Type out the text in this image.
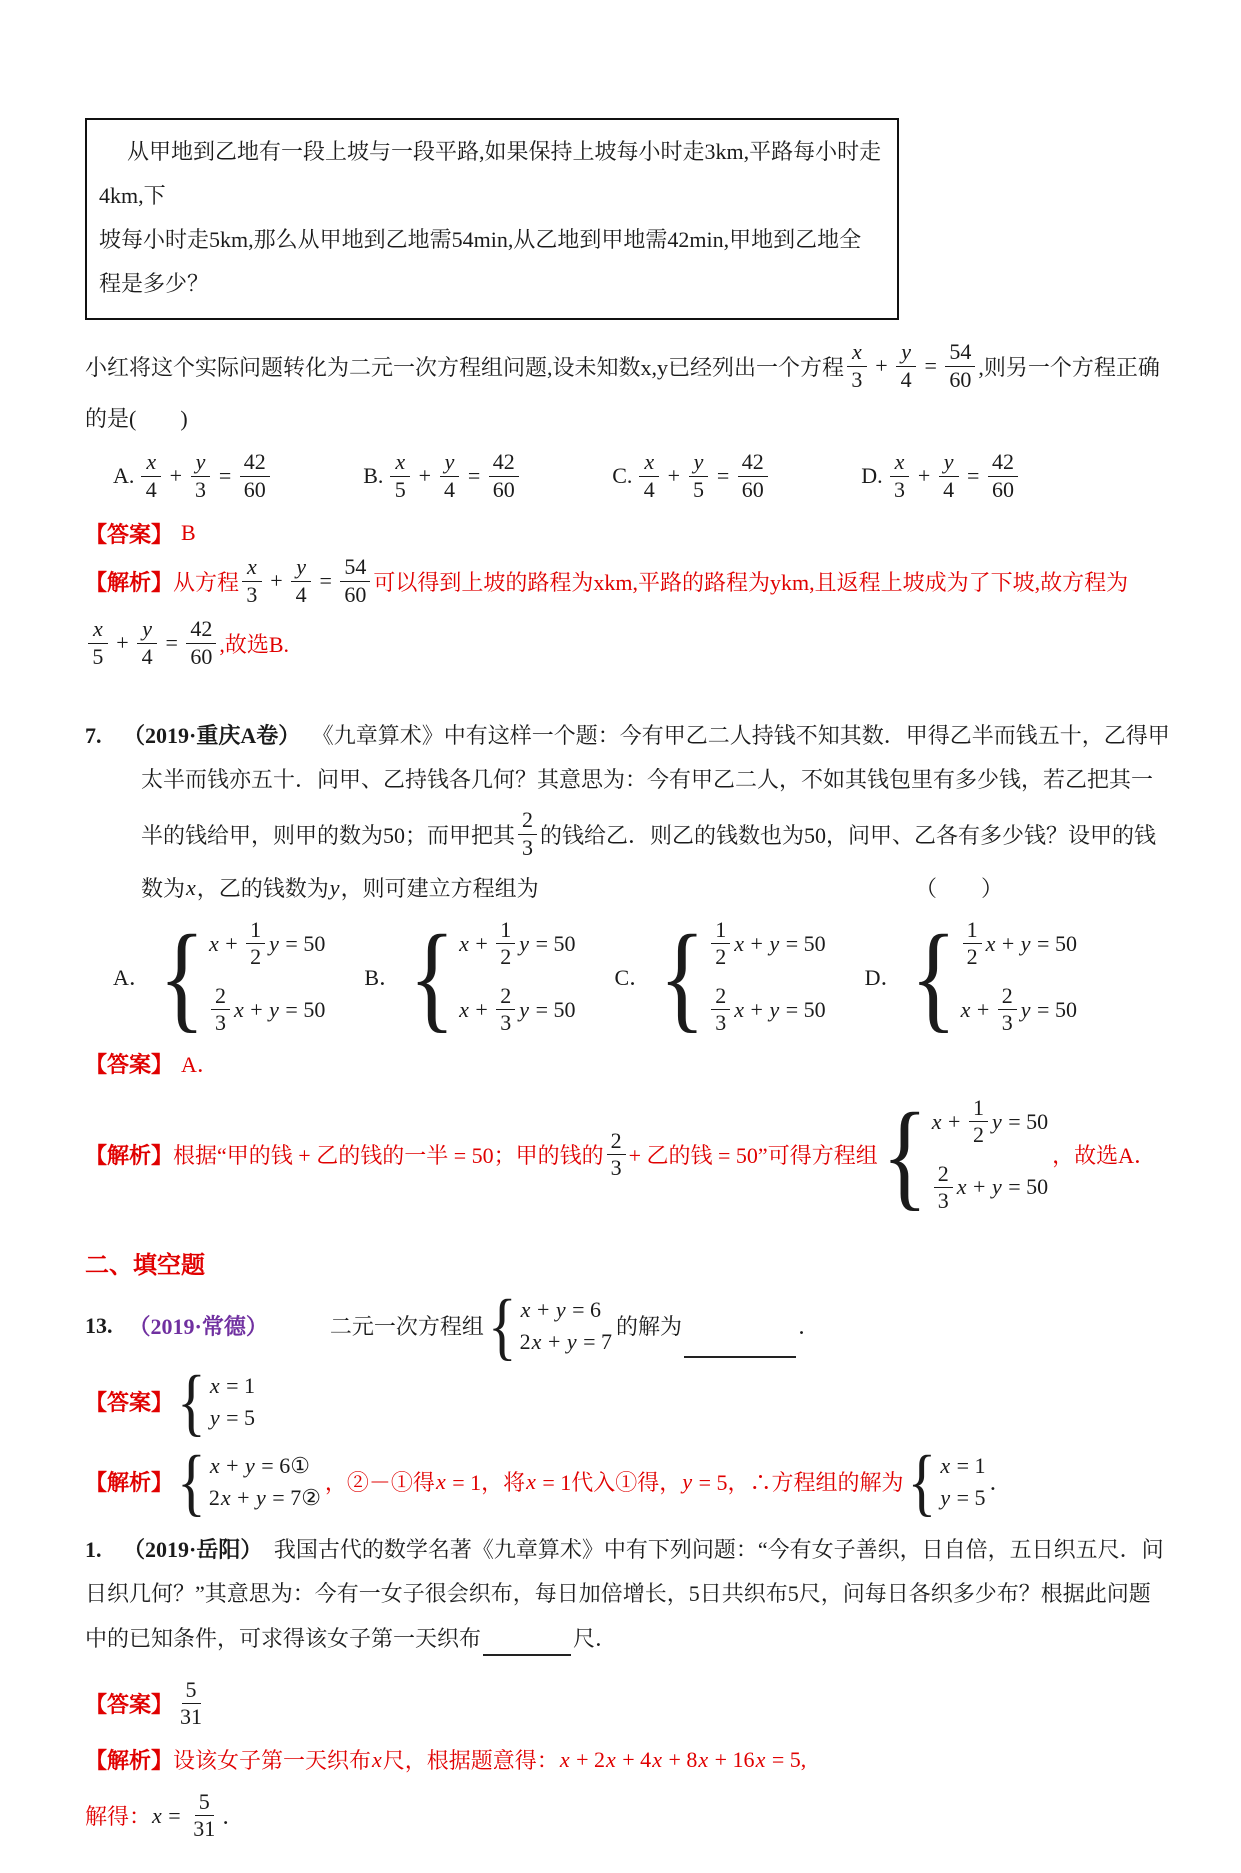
从甲地到乙地有一段上坡与一段平路,如果保持上坡每小时走3km,平路每小时走4km,下
坡每小时走5km,那么从甲地到乙地需54min,从乙地到甲地需42min,甲地到乙地全程是多少？
小红将这个实际问题转化为二元一次方程组问题,设未知数x,y已经列出一个方程 $\frac{x}{3} + \frac{y}{4} = \frac{54}{60}$ ,则另一个方程正确
的是(　　)
A. $\frac{x}{4} + \frac{y}{3} = \frac{42}{60}$	B. $\frac{x}{5} + \frac{y}{4} = \frac{42}{60}$	C. $\frac{x}{4} + \frac{y}{5} = \frac{42}{60}$	D. $\frac{x}{3} + \frac{y}{4} = \frac{42}{60}$
【答案】 B
【解析】 从方程 $\frac{x}{3} + \frac{y}{4} = \frac{54}{60}$ 可以得到上坡的路程为xkm,平路的路程为ykm,且返程上坡成为了下坡,故方程为
$\frac{x}{5} + \frac{y}{4} = \frac{42}{60}$ ,故选B.
7. （2019·重庆A卷） 《九章算术》中有这样一个题：今有甲乙二人持钱不知其数．甲得乙半而钱五十，乙得甲
太半而钱亦五十．问甲、乙持钱各几何？其意思为：今有甲乙二人，不如其钱包里有多少钱，若乙把其一
半的钱给甲，则甲的数为50；而甲把其 $\frac{2}{3}$ 的钱给乙．则乙的钱数也为50，问甲、乙各有多少钱？设甲的钱
数为 x ，乙的钱数为 y ，则可建立方程组为	（　　）
A． { $x + \frac{1}{2}$ y = 50
$\frac{2}{3}$ x + y = 50
B． { $x + \frac{1}{2}$ y = 50
$x + \frac{2}{3}$ y = 50
C． { $\frac{1}{2}$ x + y = 50
$\frac{2}{3}$ x + y = 50
D． { $\frac{1}{2}$ x + y = 50
$x + \frac{2}{3}$ y = 50
【答案】 A．
【解析】 根据“甲的钱 + 乙的钱的一半 = 50；甲的钱的 $\frac{2}{3}$ + 乙的钱 = 50”可得方程组 { $x + \frac{1}{2}$ y = 50
$\frac{2}{3}$ x + y = 50
，故选A．
二、填空题
13. （2019·常德）	二元一次方程组 { x + y = 6
2 x + y = 7
的解为	．
【答案】 { x = 1
y = 5
【解析】 { x + y = 6①
2 x + y = 7②
，②－①得 x = 1，将 x = 1代入①得， y = 5，∴方程组的解为 { x = 1
y = 5
．
1. （2019·岳阳） 我国古代的数学名著《九章算术》中有下列问题：“今有女子善织，日自倍，五日织五尺．问
日织几何？”其意思为：今有一女子很会织布，每日加倍增长，5日共织布5尺，问每日各织多少布？根据此问题
中的已知条件，可求得该女子第一天织布	尺．
【答案】 $\frac{5}{31}$
【解析】 设该女子第一天织布 x 尺，根据题意得： x + 2 x + 4 x + 8 x + 16 x = 5,
解得： $x = \frac{5}{31}$ ．
